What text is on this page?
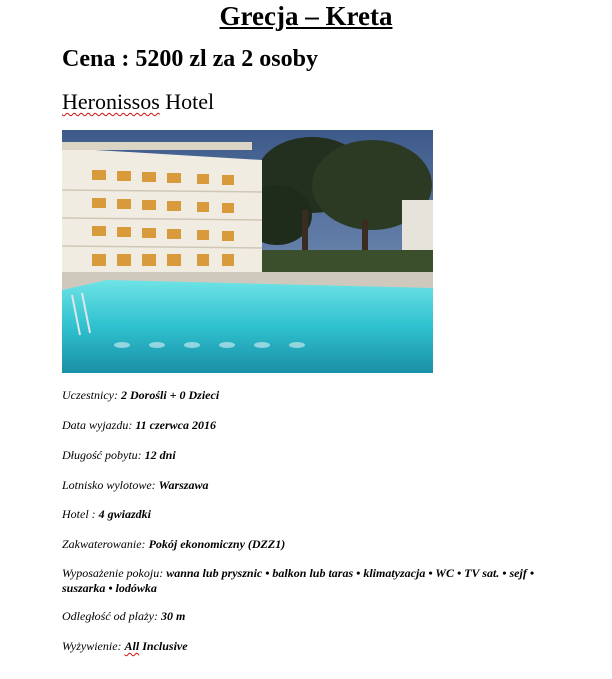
Grecja – Kreta
Cena : 5200 zl za 2 osoby
Heronissos Hotel
Uczestnicy: 2 Dorośli + 0 Dzieci
Data wyjazdu: 11 czerwca 2016
Długość pobytu: 12 dni
Lotnisko wylotowe: Warszawa
Hotel : 4 gwiazdki
Zakwaterowanie: Pokój ekonomiczny (DZZ1)
Wyposażenie pokoju: wanna lub prysznic • balkon lub taras • klimatyzacja • WC • TV sat. • sejf • suszarka • lodówka
Odległość od plaży: 30 m
Wyżywienie: All Inclusive
